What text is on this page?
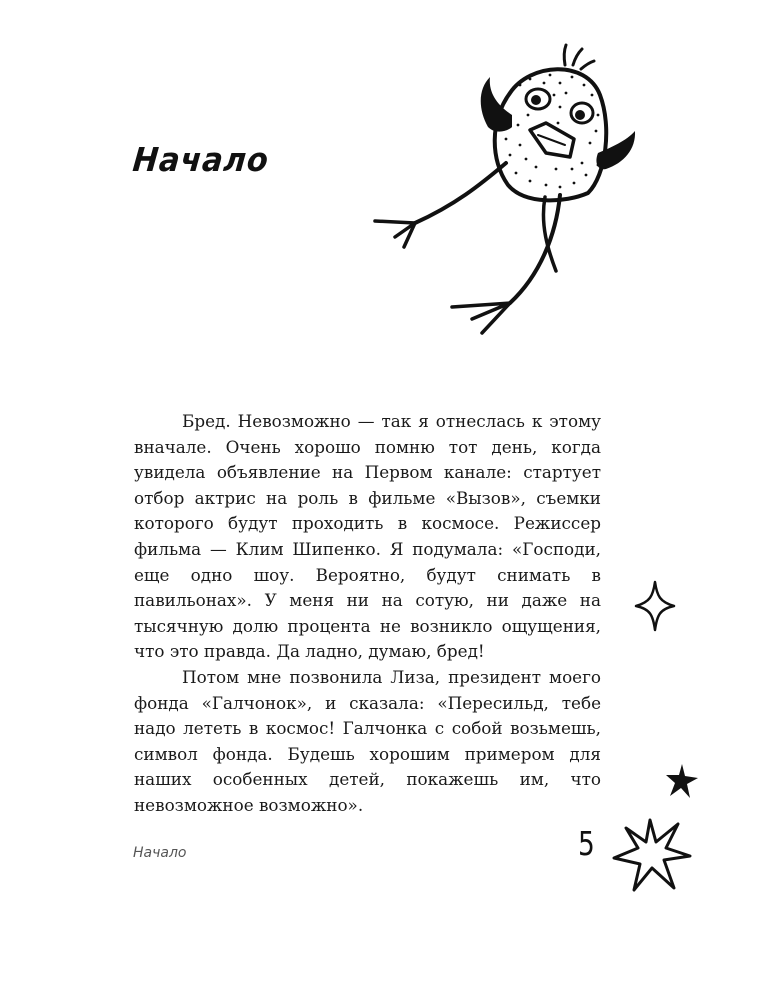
Начало

Бред. Невозможно — так я отнеслась к этому вначале. Очень хорошо помню тот день, когда увидела объявление на Первом канале: стартует отбор актрис на роль в фильме «Вызов», съемки которого будут проходить в космосе. Режиссер фильма — Клим Шипенко. Я подумала: «Господи, еще одно шоу. Вероятно, будут снимать в павильонах». У меня ни на сотую, ни даже на тысячную долю процента не возникло ощущения, что это правда. Да ладно, думаю, бред!

Потом мне позвонила Лиза, президент моего фонда «Галчонок», и сказала: «Пересильд, тебе надо лететь в космос! Галчонка с собой возьмешь, символ фонда. Будешь хорошим примером для наших особенных детей, покажешь им, что невозможное возможно».

Начало	5
